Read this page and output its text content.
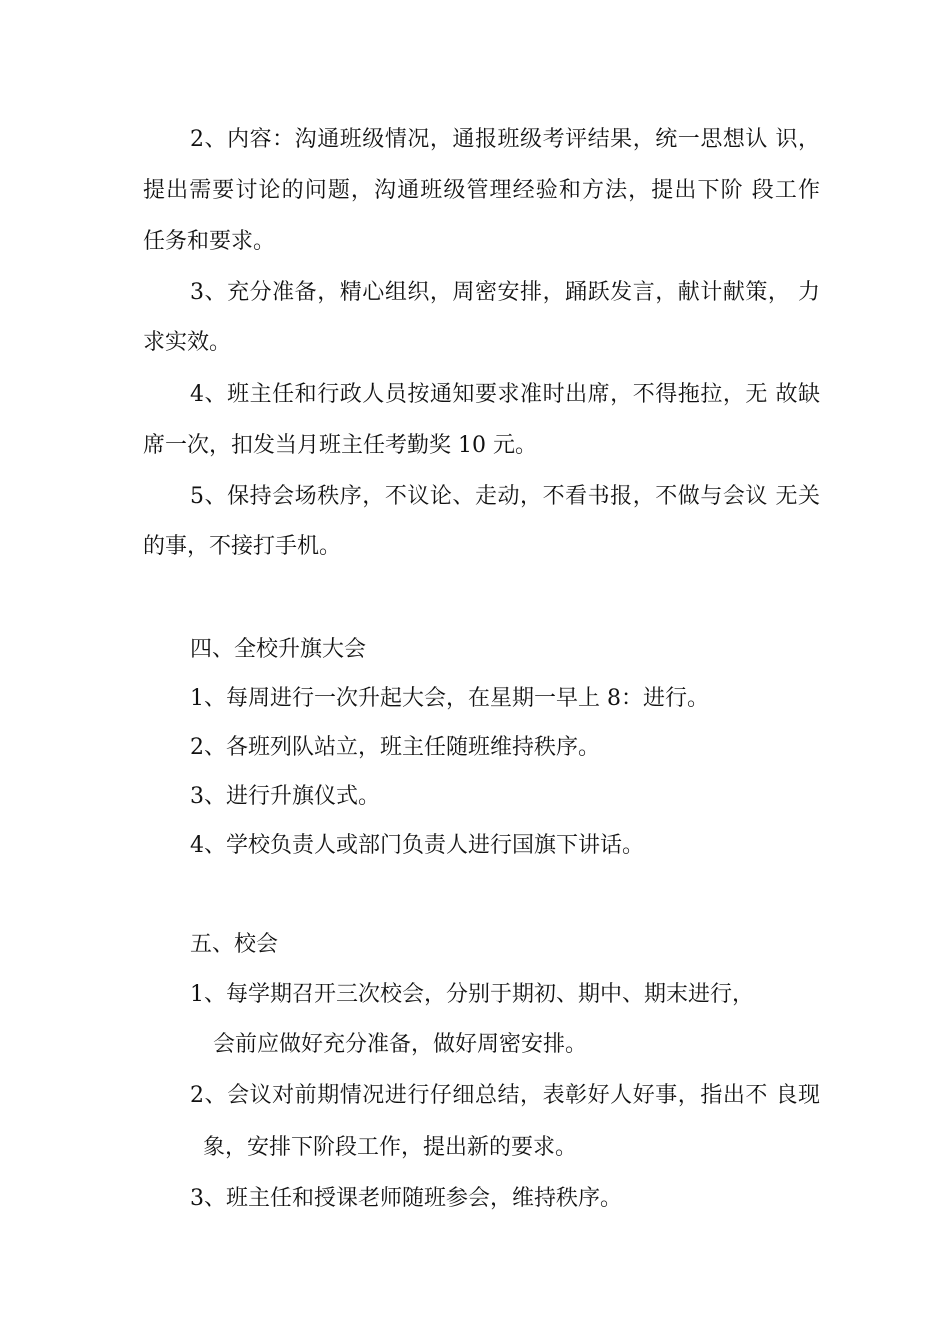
2、内容：沟通班级情况，通报班级考评结果，统一思想认 识，

提出需要讨论的问题，沟通班级管理经验和方法，提出下阶 段工作

任务和要求。

3、充分准备，精心组织，周密安排，踊跃发言，献计献策， 力

求实效。

4、班主任和行政人员按通知要求准时出席，不得拖拉，无 故缺

席一次，扣发当月班主任考勤奖 10 元。

5、保持会场秩序，不议论、走动，不看书报，不做与会议 无关

的事，不接打手机。

四、全校升旗大会

1、每周进行一次升起大会，在星期一早上 8：进行。

2、各班列队站立，班主任随班维持秩序。

3、进行升旗仪式。

4、学校负责人或部门负责人进行国旗下讲话。

五、校会

1、每学期召开三次校会，分别于期初、期中、期末进行，

会前应做好充分准备，做好周密安排。

2、会议对前期情况进行仔细总结，表彰好人好事，指出不 良现

象，安排下阶段工作，提出新的要求。

3、班主任和授课老师随班参会，维持秩序。
